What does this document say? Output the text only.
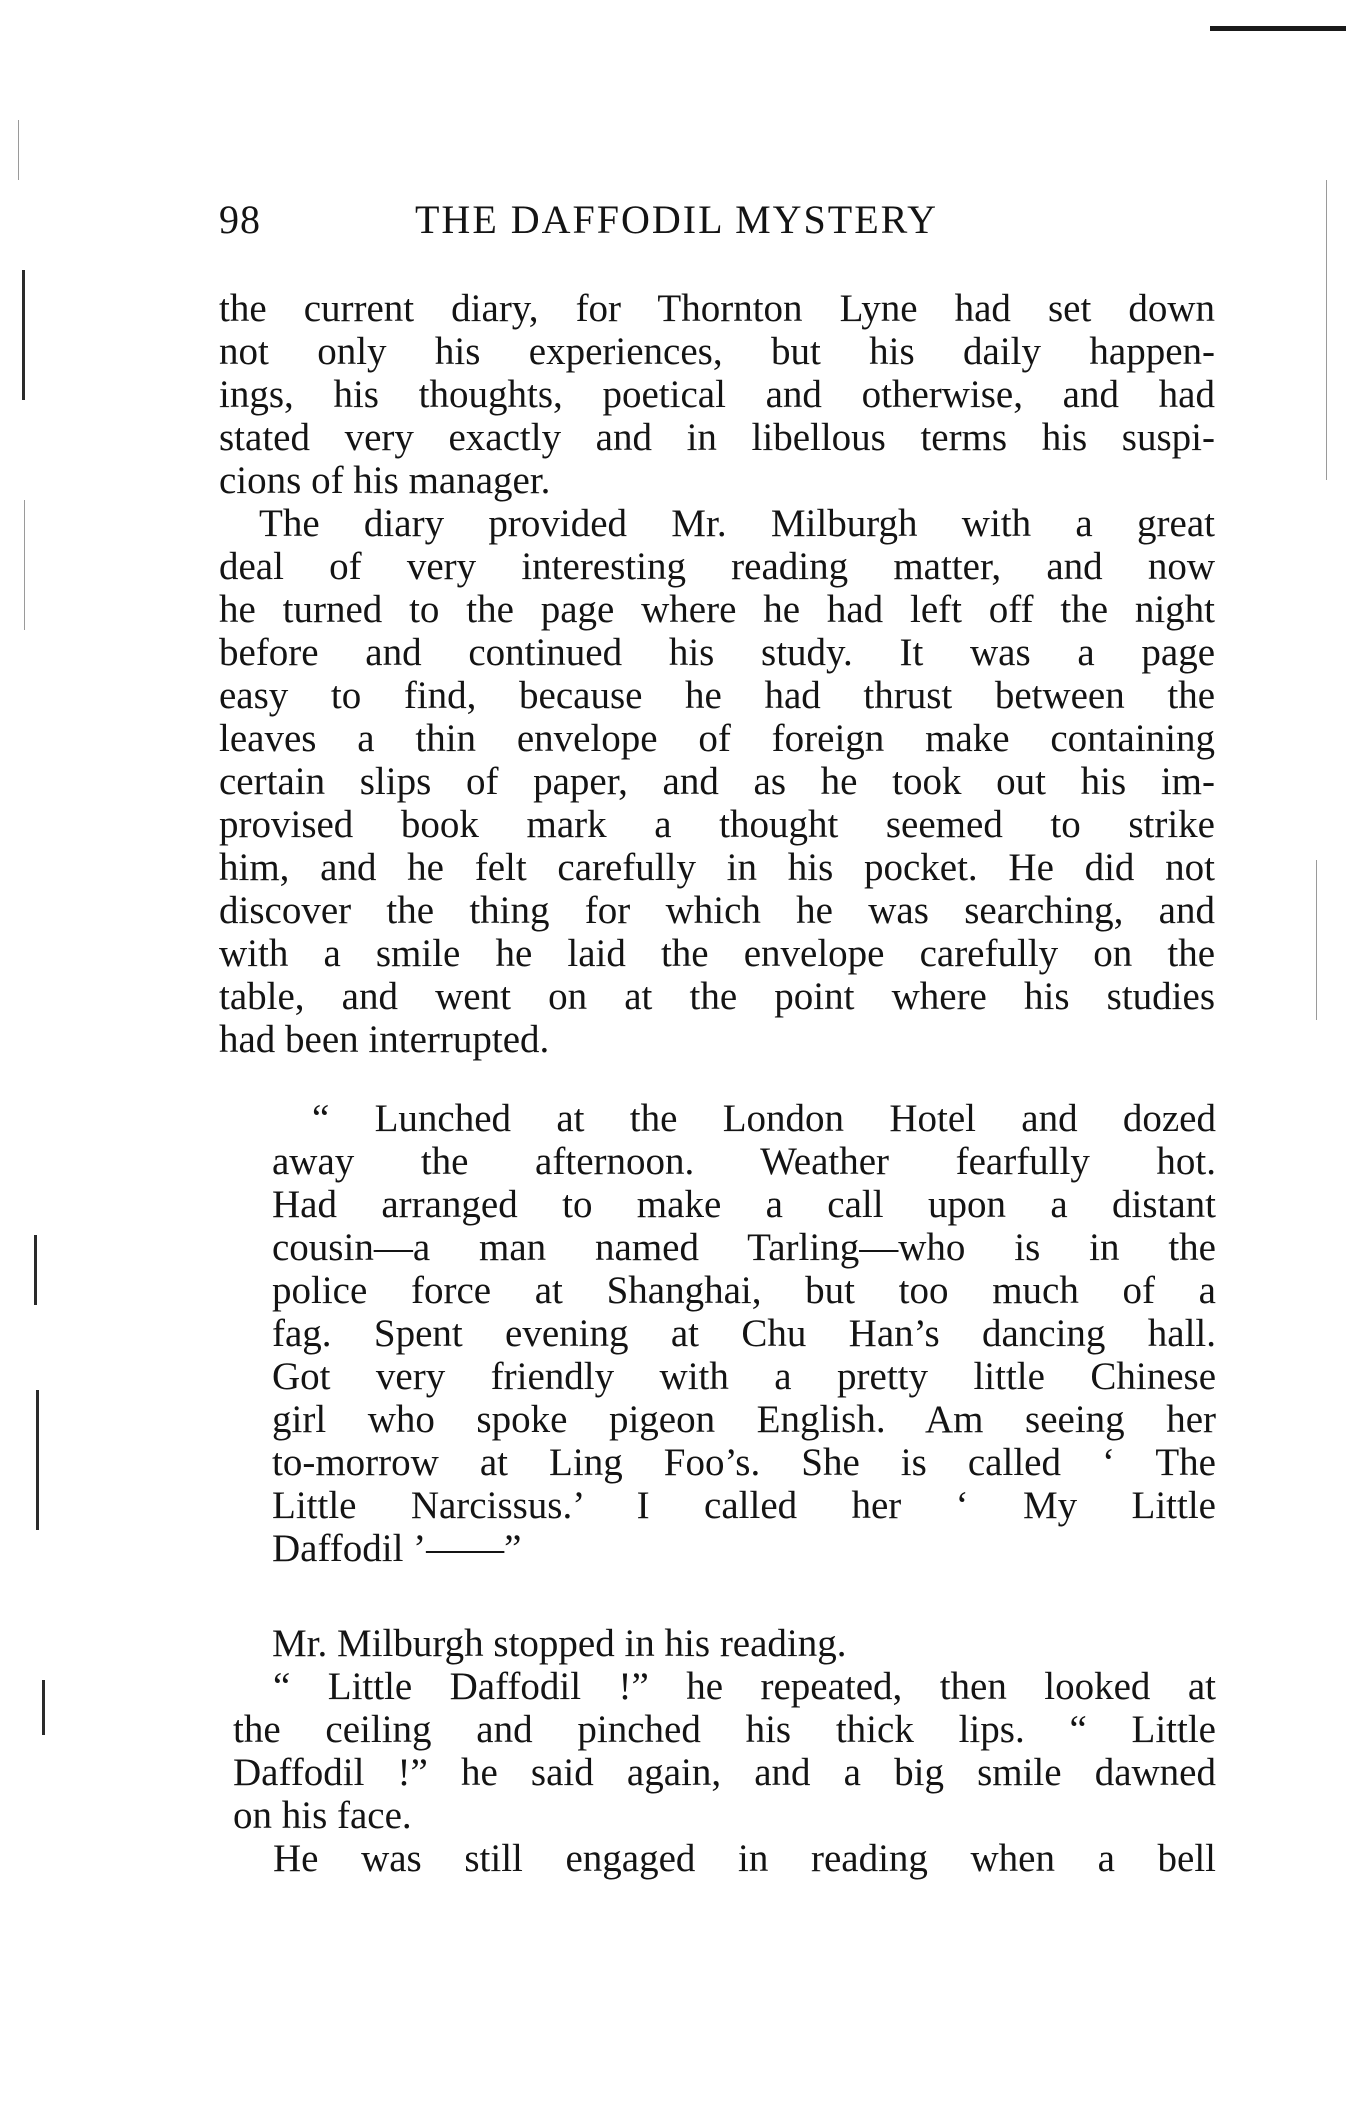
98	THE DAFFODIL MYSTERY
the current diary, for Thornton Lyne had set down
not only his experiences, but his daily happen-
ings, his thoughts, poetical and otherwise, and had
stated very exactly and in libellous terms his suspi-
cions of his manager.
The diary provided Mr. Milburgh with a great
deal of very interesting reading matter, and now
he turned to the page where he had left off the night
before and continued his study. It was a page
easy to find, because he had thrust between the
leaves a thin envelope of foreign make containing
certain slips of paper, and as he took out his im-
provised book mark a thought seemed to strike
him, and he felt carefully in his pocket. He did not
discover the thing for which he was searching, and
with a smile he laid the envelope carefully on the
table, and went on at the point where his studies
had been interrupted.
“ Lunched at the London Hotel and dozed
away the afternoon. Weather fearfully hot.
Had arranged to make a call upon a distant
cousin—a man named Tarling—who is in the
police force at Shanghai, but too much of a
fag. Spent evening at Chu Han’s dancing hall.
Got very friendly with a pretty little Chinese
girl who spoke pigeon English. Am seeing her
to-morrow at Ling Foo’s. She is called ‘ The
Little Narcissus.’ I called her ‘ My Little
Daffodil ’——”
Mr. Milburgh stopped in his reading.
“ Little Daffodil !” he repeated, then looked at
the ceiling and pinched his thick lips. “ Little
Daffodil !” he said again, and a big smile dawned
on his face.
He was still engaged in reading when a bell
